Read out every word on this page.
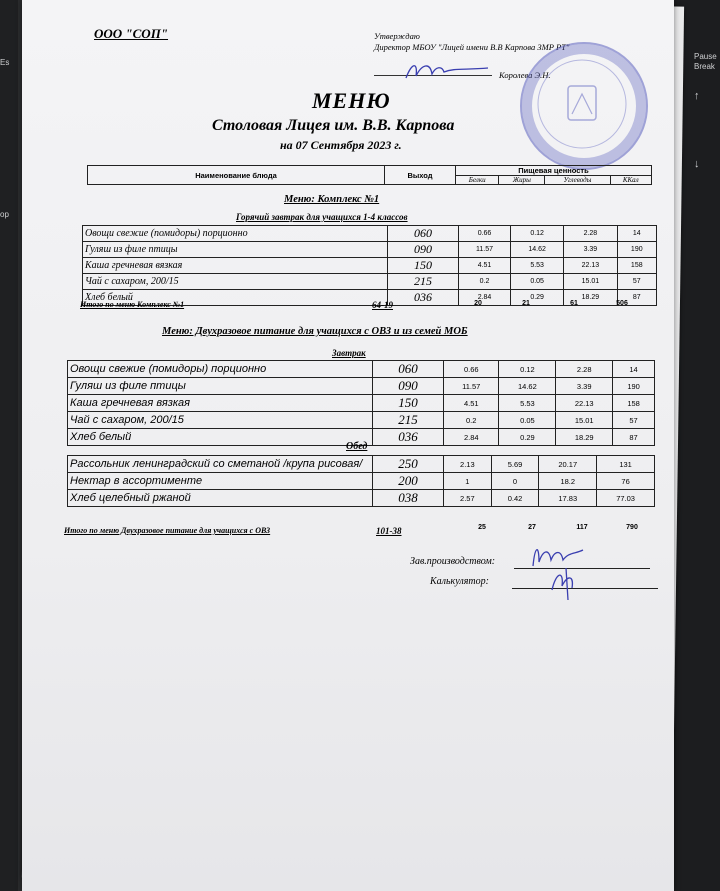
Es
op
Pause
Break
↑
↓
ООО "СОП"	Утверждаю
Директор МБОУ "Лицей имени В.В Карпова ЗМР РТ"
Королева Э.Н.
МЕНЮ
Столовая Лицея им. В.В. Карпова
на 07 Сентября 2023 г.
Наименование блюда	Выход	Пищевая ценность			
		Белки	Жиры	Углеводы	ККал
Меню: Комплекс №1
Горячий завтрак для учащихся 1-4 классов
Овощи свежие (помидоры) порционно	060	0.66	0.12	2.28	14
Гуляш из филе птицы	090	11.57	14.62	3.39	190
Каша гречневая вязкая	150	4.51	5.53	22.13	158
Чай с сахаром, 200/15	215	0.2	0.05	15.01	57
Хлеб белый	036	2.84	0.29	18.29	87
Итого по меню Комплекс №1	64-19	20	21	61	506
Меню: Двухразовое питание для учащихся с ОВЗ и из семей МОБ
Завтрак
Овощи свежие (помидоры) порционно	060	0.66	0.12	2.28	14
Гуляш из филе птицы	090	11.57	14.62	3.39	190
Каша гречневая вязкая	150	4.51	5.53	22.13	158
Чай с сахаром, 200/15	215	0.2	0.05	15.01	57
Хлеб белый	036	2.84	0.29	18.29	87
Обед
Рассольник ленинградский со сметаной /крупа рисовая/	250	2.13	5.69	20.17	131
Нектар в ассортименте	200	1	0	18.2	76
Хлеб целебный ржаной	038	2.57	0.42	17.83	77.03
Итого по меню Двухразовое питание для учащихся с ОВЗ	101-38	25	27	117	790
Зав.производством:
Калькулятор:
